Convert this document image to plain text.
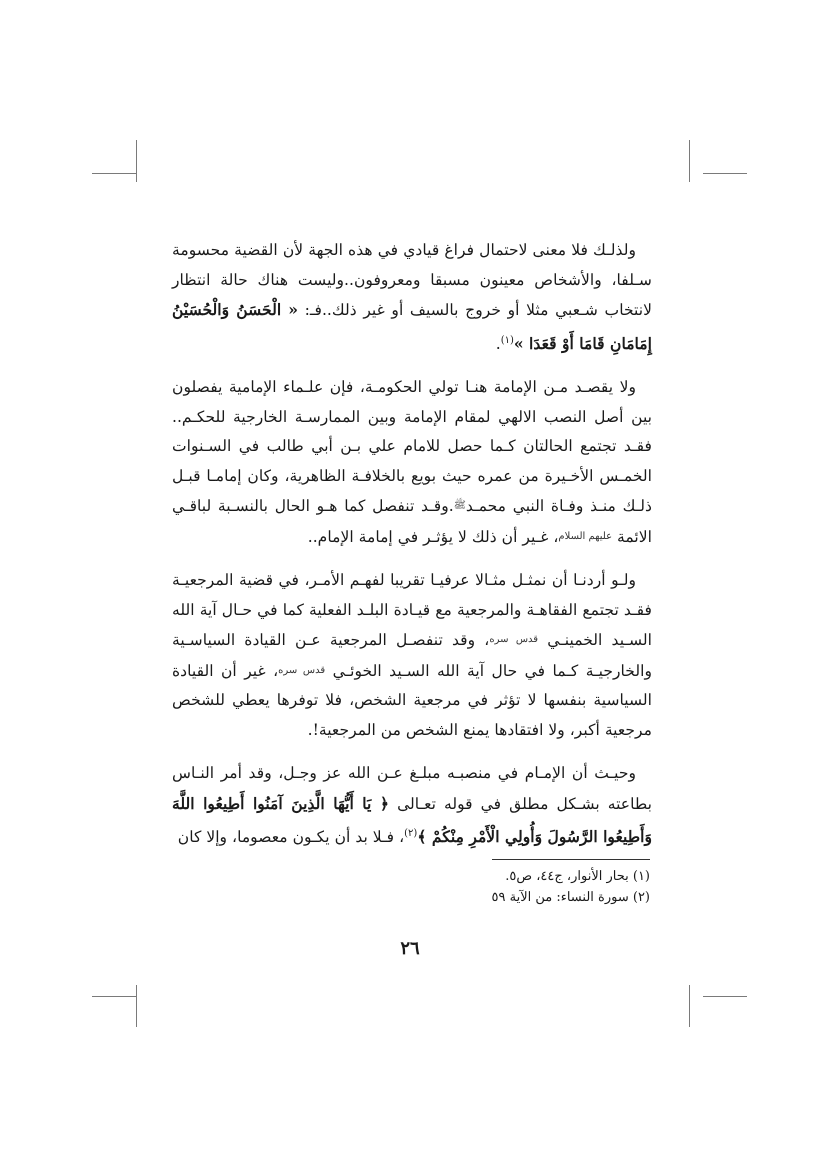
ولذلـك فلا معنى لاحتمال فراغ قيادي في هذه الجهة لأن القضية محسومة سـلفا، والأشخاص معينون مسبقا ومعروفون..وليست هناك حالة انتظار لانتخاب شـعبي مثلا أو خروج بالسيف أو غير ذلك..فـ: « الْحَسَنُ وَالْحُسَيْنُ إِمَامَانِ قَامَا أَوْ قَعَدَا »$^{(١)}$.

ولا يقصـد مـن الإمامة هنـا تولي الحكومـة، فإن علـماء الإمامية يفصلون بين أصل النصب الالهي لمقام الإمامة وبين الممارسـة الخارجية للحكـم.. فقـد تجتمع الحالتان كـما حصل للامام علي بـن أبي طالب في السـنوات الخمـس الأخـيرة من عمره حيث بويع بالخلافـة الظاهرية، وكان إمامـا قبـل ذلـك منـذ وفـاة النبي محمـدﷺ.وقـد تنفصل كما هـو الحال بالنسـبة لباقـي الائمة عليهم السلام، غـير أن ذلك لا يؤثـر في إمامة الإمام..

ولـو أردنـا أن نمثـل مثـالا عرفيـا تقريبا لفهـم الأمـر، في قضية المرجعيـة فقـد تجتمع الفقاهـة والمرجعية مع قيـادة البلـد الفعلية كما في حـال آية الله السـيد الخمينـي قدس سره، وقد تنفصـل المرجعية عـن القيادة السياسـية والخارجيـة كـما في حال آية الله السـيد الخوئـي قدس سره، غير أن القيادة السياسية بنفسها لا تؤثر في مرجعية الشخص، فلا توفرها يعطي للشخص مرجعية أكبر، ولا افتقادها يمنع الشخص من المرجعية!.

وحيـث أن الإمـام في منصبـه مبلـغ عـن الله عز وجـل، وقد أمر النـاس بطاعته بشـكل مطلق في قوله تعـالى ﴿ يَا أَيُّهَا الَّذِينَ آمَنُوا أَطِيعُوا اللَّهَ وَأَطِيعُوا الرَّسُولَ وَأُولِي الْأَمْرِ مِنْكُمْ ﴾$^{(٢)}$، فـلا بد أن يكـون معصوما، وإلا كان

(١) بحار الأنوار، ج٤٤، ص٥.
(٢) سورة النساء: من الآية ٥٩
٢٦
